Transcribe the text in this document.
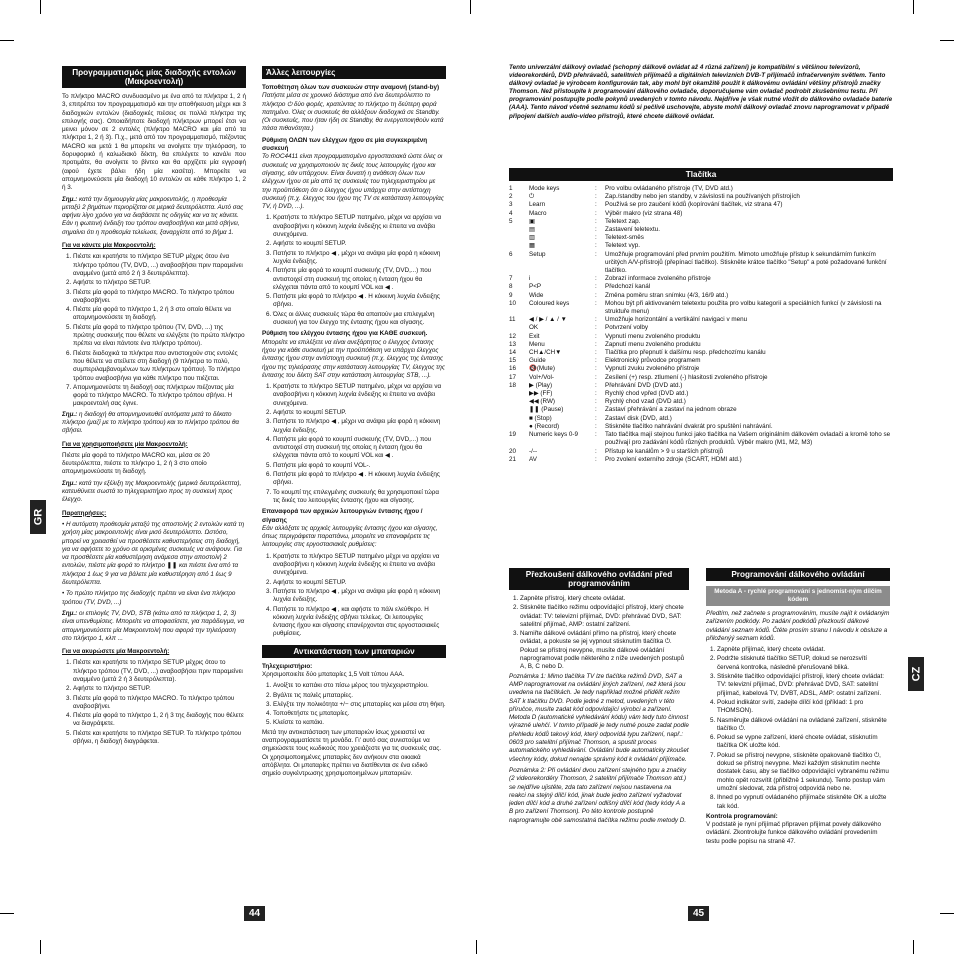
Προγραμματισμός μίας διαδοχής εντολών (Μακροεντολή)

Το πλήκτρο MACRO συνδυασμένο με ένα από τα πλήκτρα 1, 2 ή 3, επιτρέπει τον προγραμματισμό και την αποθήκευση μέχρι και 3 διαδοχικών εντολών (διαδοχικές πιέσεις σε πολλά πλήκτρα της επιλογής σας). Οποιαδήποτε διαδοχή πλήκτρων μπορεί έτσι να μεινει μόνον σε 2 εντολές (πλήκτρο MACRO και μία από τα πλήκτρα 1, 2 ή 3). Π.χ., μετά από τον προγραμματισμό, πιέζοντας MACRO και μετά 1 θα μπορείτε να ανοίγετε την τηλεόραση, το δορυφορικό ή καλωδιακό δέκτη, θα επιλέγετε το κανάλι που προτιμάτε, θα ανοίγετε το βίντεο και θα αρχίζετε μία εγγραφή (αφού έχετε βάλει ήδη μία κασέτα). Μπορείτε να απομνημονεύσετε μία διαδοχή 10 εντολών σε κάθε πλήκτρο 1, 2 ή 3.

Σημ.: κατά την δημιουργία μίας μακροεντολής, η προθεσμία μεταξύ 2 βημάτων περιορίζεται σε μερικά δευτερόλεπτα. Αυτό σας αφήνει λίγο χρόνο για να διαβάσετε τις οδηγίες και να τις κάνετε. Εάν η φωτεινή ένδειξη του τρόπου αναβοσβήνει και μετά σβήνει, σημαίνει ότι η προθεσμία τελείωσε, ξαναρχίστε από το βήμα 1.

Για να κάνετε μία Μακροεντολή:
1. Πιέστε και κρατήστε το πλήκτρο SETUP μέχρις ότου ένα πλήκτρο τρόπου (TV, DVD, ...) αναβοσβήσει πριν παραμείνει αναμμένο (μετά από 2 ή 3 δευτερόλεπτα).
2. Αφήστε το πλήκτρο SETUP.
3. Πιέστε μία φορά το πλήκτρο MACRO. Το πλήκτρο τρόπου αναβοσβήνει.
4. Πιέστε μία φορά το πλήκτρο 1, 2 ή 3 στο οποίο θέλετε να απομνημονεύσετε τη διαδοχή.
5. Πιέστε μία φορά το πλήκτρο τρόπου (TV, DVD, ...) της πρώτης συσκευής που θέλετε να ελέγξετε (το πρώτο πλήκτρο πρέπει να είναι πάντοτε ένα πλήκτρο τρόπου).
6. Πιέστε διαδοχικά τα πλήκτρα που αντιστοιχούν στις εντολές που θέλετε να στείλετε στη διαδοχή (9 πλήκτρα το πολύ, συμπεριλαμβανομένων των πλήκτρων τρόπου). Το πλήκτρο τρόπου αναβοσβήνει για κάθε πλήκτρο που πιέζεται.
7. Απομνημονεύστε τη διαδοχή σας πλήκτρων πιέζοντας μία φορά το πλήκτρο MACRO. Το πλήκτρο τρόπου σβήνει. Η μακροεντολή σας έγινε.

Σημ.: η διαδοχή θα απομνημονευθεί αυτόματα μετά το δέκατο πλήκτρο (μαζί με το πλήκτρο τρόπου) και το πλήκτρο τρόπου θα σβήσει.

Για να χρησιμοποιήσετε μία Μακροεντολή:

Πιέστε μία φορά το πλήκτρο MACRO και, μέσα σε 20 δευτερόλεπτα, πιέστε το πλήκτρο 1, 2 ή 3 στο οποίο απομνημονεύσατε τη διαδοχή.

Σημ.: κατά την εξέλιξη της Μακροεντολής (μερικά δευτερόλεπτα), κατευθύνετε σωστά το τηλεχειριστήριο προς τη συσκευή προς έλεγχο.

Παρατηρήσεις:

• Η αυτόματη προθεσμία μεταξύ της αποστολής 2 εντολών κατά τη χρήση μίας μακροεντολής είναι μισό δευτερόλεπτο. Ωστόσο, μπορεί να χρειασθεί να προσθέσετε καθυστερήσεις στη διαδοχή, για να αφήσετε το χρόνο σε ορισμένες συσκευές να ανάψουν. Για να προσθέσετε μία καθυστέρηση ανάμεσα στην αποστολή 2 εντολών, πιέστε μία φορά το πλήκτρο ❚❚ και πιέστε ένα από τα πλήκτρα 1 έως 9 για να βάλετε μία καθυστέρηση από 1 έως 9 δευτερόλεπτα.

• Το πρώτο πλήκτρο της διαδοχής πρέπει να είναι ένα πλήκτρο τρόπου (TV, DVD, ...)

Σημ.: οι επιλογές TV, DVD, STB (κάτω από τα πλήκτρα 1, 2, 3) είναι υπενθυμίσεις. Μπορείτε να αποφασίσετε, για παράδειγμα, να απομνημονεύσετε μία Μακροεντολή που αφορά την τηλεόραση στο πλήκτρο 1, κλπ ...

Για να ακυρώσετε μία Μακροεντολή:
1. Πιέστε και κρατήστε το πλήκτρο SETUP μέχρις ότου το πλήκτρο τρόπου (TV, DVD, ...) αναβοσβήσει πριν παραμείνει αναμμένο (μετά 2 ή 3 δευτερόλεπτα).
2. Αφήστε το πλήκτρο SETUP.
3. Πιέστε μία φορά το πλήκτρο MACRO. Το πλήκτρο τρόπου αναβοσβήνει.
4. Πιέστε μία φορά το πλήκτρο 1, 2 ή 3 της διαδοχής που θέλετε να διαγράψετε.
5. Πιέστε και κρατήστε το πλήκτρο SETUP. Το πλήκτρο τρόπου σβήνει, η διαδοχή διαγράφεται.
GR
Άλλες λειτουργίες
Τοποθέτηση όλων των συσκευών στην αναμονή (stand-by)

Πατήστε μέσα σε χρονικό διάστημα από ένα δευτερόλεπτο το πλήκτρο ⏻ δύο φορές, κρατώντας το πλήκτρο τη δεύτερη φορά πατημένο. Όλες οι συσκευές θα αλλάξουν διαδοχικά σε Standby. (Οι συσκευές, που ήταν ήδη σε Standby, θα ενεργοποιηθούν κατά πάσα πιθανότητα.)

Ρύθμιση ΟΛΩΝ των ελέγχων ήχου σε μία συγκεκριμένη συσκευή

Το ROC4411 είναι προγραμματισμένο εργοστασιακά ώστε όλες οι συσκευές να χρησιμοποιούν τις δικές τους λειτουργίες ήχου και σίγασης, εάν υπάρχουν. Είναι δυνατή η ανάθεση όλων των ελέγχων ήχου σε μία από τις συσκευές του τηλεχειριστηρίου με την προϋπόθεση ότι ο έλεγχος ήχου υπάρχει στην αντίστοιχη συσκευή (π.χ. έλεγχος του ήχου της TV σε κατάσταση λειτουργίας TV, ή DVD, ...).

1. Κρατήστε το πλήκτρο SETUP πατημένο, μέχρι να αρχίσει να αναβοσβήνει η κόκκινη λυχνία ένδειξης κι έπειτα να ανάβει συνεχόμενα.
2. Αφήστε το κουμπί SETUP.
3. Πατήστε το πλήκτρο ◀ , μέχρι να ανάψει μία φορά η κόκκινη λυχνία ένδειξης.
4. Πατήστε μία φορά το κουμπί συσκευής (TV, DVD,...) που αντιστοιχεί στη συσκευή της οποίας η ένταση ήχου θα ελέγχεται πάντα από το κουμπί VOL και ◀ .
5. Πατήστε μία φορά το πλήκτρο ◀ . Η κόκκινη λυχνία ένδειξης σβήνει.
6. Όλες οι άλλες συσκευές τώρα θα απαιτούν μια επιλεγμένη συσκευή για τον έλεγχο της έντασης ήχου και σίγασης.
Ρύθμιση του ελέγχου έντασης ήχου για ΚΑΘΕ συσκευή.

Μπορείτε να επιλέξετε να είναι ανεξάρτητος ο έλεγχος έντασης ήχου για κάθε συσκευή με την προϋπόθεση να υπάρχει έλεγχος έντασης ήχου στην αντίστοιχη συσκευή (π.χ. έλεγχος της έντασης ήχου της τηλεόρασης στην κατάσταση λειτουργίας TV, έλεγχος της έντασης του δέκτη SAT στην κατάσταση λειτουργίας STB, ...).

1. Κρατήστε το πλήκτρο SETUP πατημένο, μέχρι να αρχίσει να αναβοσβήνει η κόκκινη λυχνία ένδειξης κι έπειτα να ανάβει συνεχόμενα.
2. Αφήστε το κουμπί SETUP.
3. Πατήστε το πλήκτρο ◀ , μέχρι να ανάψει μία φορά η κόκκινη λυχνία ένδειξης.
4. Πατήστε μία φορά το κουμπί συσκευής (TV, DVD,...) που αντιστοιχεί στη συσκευή της οποίας η ένταση ήχου θα ελέγχεται πάντα από το κουμπί VOL και ◀ .
5. Πατήστε μία φορά το κουμπί VOL-.
6. Πατήστε μία φορά το πλήκτρο ◀ . Η κόκκινη λυχνία ένδειξης σβήνει.
7. Το κουμπί της επιλεγμένης συσκευής θα χρησιμοποιεί τώρα τις δικές του λειτουργίες έντασης ήχου και σίγασης.
Επαναφορά των αρχικών λειτουργιών έντασης ήχου / σίγασης

Εάν αλλάξατε τις αρχικές λειτουργίες έντασης ήχου και σίγασης, όπως περιγράφεται παραπάνω, μπορείτε να επαναφέρετε τις λειτουργίες στις εργοστασιακές ρυθμίσεις:

1. Κρατήστε το πλήκτρο SETUP πατημένο μέχρι να αρχίσει να αναβοσβήνει η κόκκινη λυχνία ένδειξης κι έπειτα να ανάβει συνεχόμενα.
2. Αφήστε το κουμπί SETUP.
3. Πατήστε το πλήκτρο ◀ , μέχρι να ανάψει μία φορά η κόκκινη λυχνία ένδειξης.
4. Πατήστε το πλήκτρο ◀ , και αφήστε το πάλι ελεύθερο. Η κόκκινη λυχνία ένδειξης σβήνει τελείως. Οι λειτουργίες έντασης ήχου και σίγασης επανέρχονται στις εργοστασιακές ρυθμίσεις.
Αντικατάσταση των μπαταριών
Τηλεχειριστήριο:

Χρησιμοποιείτε δύο μπαταρίες 1,5 Volt τύπου AAA.

1. Ανοίξτε το καπάκι στο πίσω μέρος του τηλεχειριστηρίου.
2. Βγάλτε τις παλιές μπαταρίες.
3. Ελέγξτε την πολικότητα +/− στις μπαταρίες και μέσα στη θήκη.
4. Τοποθετήστε τις μπαταρίες.
5. Κλείστε το καπάκι.

Μετά την αντικατάσταση των μπαταριών ίσως χρειαστεί να αναπρογραμματίσετε τη μονάδα. Γι' αυτό σας συνιστούμε να σημειώσετε τους κωδικούς που χρειάζεστε για τις συσκευές σας. Οι χρησιμοποιημένες μπαταρίες δεν ανήκουν στα οικιακά απόβλητα. Οι μπαταρίες πρέπει να διατίθενται σε ένα ειδικό σημείο συγκέντρωσης χρησιμοποιημένων μπαταριών.

44

Tento univerzální dálkový ovladač (schopný dálkově ovládat až 4 různá zařízení) je kompatibilní s většinou televizorů, videorekordérů, DVD přehrávačů, satelitních přijímačů a digitálních televizních DVB-T přijímačů infračerveným světlem. Tento dálkový ovladač je výrobcem konfigurován tak, aby mohl být okamžitě použit k dálkovému ovládání většiny přístrojů značky Thomson. Než přistoupíte k programování dálkového ovladače, doporučujeme vám ovladač podrobit zkušebnímu testu. Při programování postupujte podle pokynů uvedených v tomto návodu. Nejdříve je však nutné vložit do dálkového ovladače baterie (AAA). Tento návod včetně seznamu kódů si pečlivě uschovejte, abyste mohli dálkový ovladač znovu naprogramovat v případě připojení dalších audio-video přístrojů, které chcete dálkově ovládat.

Tlačítka
1	Mode keys	:	Pro volbu ovládaného přístroje (TV, DVD atd.)
2	⏻	:	Zap./standby nebo jen standby, v závislosti na používaných přístrojích
3	Learn	:	Používá se pro zaučení kódů (kopírování tlačítek, viz strana 47)
4	Macro	:	Výběr makro (viz strana 48)
5	▣	:	Teletext zap.
	▤	:	Zastavení teletextu.
	▥	:	Teletext-směs
	▦	:	Teletext vyp.
6	Setup	:	Umožňuje programování před prvním použitím. Mimoto umožňuje přístup k sekundárním funkcím určitých A/V-přístrojů (přepínací tlačítko). Stiskněte krátce tlačítko "Setup" a poté požadované funkční tlačítko.
7	i	:	Zobrazí informace zvoleného přístroje
8	P<P	:	Předchozí kanál
9	Wide	:	Změna poměru stran snímku (4/3, 16/9 atd.)
10	Coloured keys	:	Mohou být při aktivovaném teletextu použita pro volbu kategorií a speciálních funkcí (v závislosti na struktuře menu)
11	◀ / ▶ / ▲ / ▼	:	Umožňuje horizontální a vertikální navigaci v menu
	OK	:	Potvrzení volby
12	Exit	:	Vypnutí menu zvoleného produktu
13	Menu	:	Zapnutí menu zvoleného produktu
14	CH▲/CH▼	:	Tlačítka pro přepnutí k dalšímu resp. předchozímu kanálu
15	Guide	:	Elektronický průvodce programem
16	🔇(Mute)	:	Vypnutí zvuku zvoleného přístroje
17	Vol+/Vol-	:	Zesílení (+) resp. ztlumení (-) hlasitosti zvoleného přístroje
18	▶ (Play)	:	Přehrávání DVD (DVD atd.)
	▶▶ (FF)	:	Rychlý chod vpřed (DVD atd.)
	◀◀ (RW)	:	Rychlý chod vzad (DVD atd.)
	❚❚ (Pause)	:	Zastaví přehrávání a zastaví na jednom obraze
	■ (Stop)	:	Zastaví disk (DVD, atd.)
	● (Record)	:	Stiskněte tlačítko nahrávání dvakrát pro spuštění nahrávání.
19	Numeric keys 0-9	:	Tato tlačítka mají stejnou funkci jako tlačítka na Vašem originálním dálkovém ovladači a kromě toho se používají pro zadávání kódů různých produktů. Výběr makro (M1, M2, M3)
20	-/--	:	Přístup ke kanálům > 9 u starších přístrojů
21	AV	:	Pro zvolení externího zdroje (SCART, HDMI atd.)
CZ
Přezkoušení dálkového ovládání před programováním
1. Zapněte přístroj, který chcete ovládat.
2. Stiskněte tlačítko režimu odpovídající přístroji, který chcete ovládat: TV: televizní přijímač, DVD: přehrávač DVD, SAT: satelitní přijímač, AMP: ostatní zařízení.
3. Namiřte dálkové ovládání přímo na přístroj, který chcete ovládat, a pokuste se jej vypnout stisknutím tlačítka ⏻. Pokud se přístroj nevypne, musíte dálkové ovládání naprogramovat podle některého z níže uvedených postupů A, B, C nebo D.

Poznámka 1: Mimo tlačítka TV lze tlačítka režimů DVD, SAT a AMP naprogramovat na ovládání jiných zařízení, než která jsou uvedena na tlačítkách. Je tedy například možné přidělit režim SAT k tlačítku DVD. Podle jedné z metod, uvedených v této příručce, musíte zadat kód odpovídající výrobci a zařízení. Metoda D (automatické vyhledávání kódu) vám tedy tuto činnost výrazně ulehčí. V tomto případě je tedy nutné pouze zadat podle přehledu kódů takový kód, který odpovídá typu zařízení, např.: 0603 pro satelitní přijímač Thomson, a spustit proces automatického vyhledávání. Ovládání bude automaticky zkoušet všechny kódy, dokud nenajde správný kód k ovládání přijímače.

Poznámka 2: Při ovládání dvou zařízení stejného typu a značky (2 videorekordéry Thomson, 2 satelitní přijímače Thomson atd.) se nejdříve ujistěte, zda tato zařízení nejsou nastavena na reakci na stejný dílčí kód, jinak bude jedno zařízení vyžadovat jeden dílčí kód a druhé zařízení odlišný dílčí kód (tedy kódy A a B pro zařízení Thomson). Po této kontrole postupně naprogramujte obě samostatná tlačítka režimu podle metody D.

Programování dálkového ovládání
Metoda A - rychlé programování s jednomíst-ným dílčím kódem

Předtím, než začnete s programováním, musíte najít k ovládaným zařízením podkódy. Po zadání podkódů přezkouší dálkové ovládání seznam kódů. Čtěte prosím stranu I návodu k obsluze a přiloženýý seznam kódů.

1. Zapněte přijímač, který chcete ovládat.
2. Podržte stisknuté tlačítko SETUP, dokud se nerozsvítí červená kontrolka, následně přerušovaně bliká.
3. Stiskněte tlačítko odpovídající přístroji, který chcete ovládat: TV: televizní přijímač, DVD: přehrávač DVD, SAT: satelitní přijímač, kabelová TV, DVBT, ADSL, AMP: ostatní zařízení.
4. Pokud indikátor svítí, zadejte dílčí kód (příklad: 1 pro THOMSON).
5. Nasměrujte dálkové ovládání na ovládané zařízení, stiskněte tlačítko ⏻.
6. Pokud se vypne zařízení, které chcete ovládat, stisknutím tlačítka OK uložte kód.
7. Pokud se přístroj nevypne, stiskněte opakovaně tlačítko ⏻, dokud se přístroj nevypne. Mezi každým stisknutím nechte dostatek času, aby se tlačítko odpovídající vybranému režimu mohlo opět rozsvítit (přibližně 1 sekundu). Tento postup vám umožní sledovat, zda přístroj odpovídá nebo ne.
8. Ihned po vypnutí ovládaného přijímače stiskněte OK a uložte tak kód.
Kontrola programování:

V podstatě je nyní přijímač připraven přijímat povely dálkového ovládání. Zkontrolujte funkce dálkového ovládání provedením testu podle popisu na straně 47.

45
